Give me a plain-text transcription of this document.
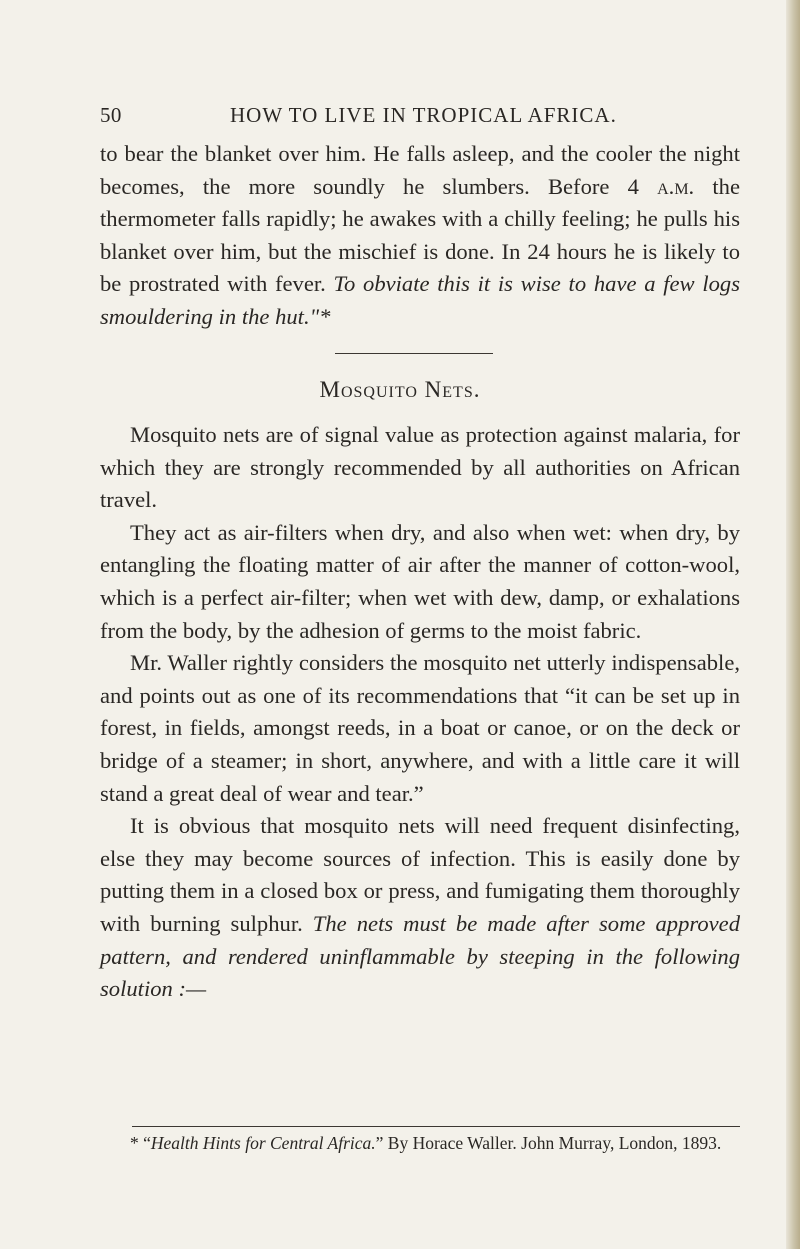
50	HOW TO LIVE IN TROPICAL AFRICA.

to bear the blanket over him. He falls asleep, and the cooler the night becomes, the more soundly he slumbers. Before 4 a.m. the thermometer falls rapidly; he awakes with a chilly feeling; he pulls his blanket over him, but the mischief is done. In 24 hours he is likely to be prostrated with fever. To obviate this it is wise to have a few logs smouldering in the hut."*

Mosquito Nets.

Mosquito nets are of signal value as protection against malaria, for which they are strongly recommended by all authorities on African travel.

They act as air-filters when dry, and also when wet: when dry, by entangling the floating matter of air after the manner of cotton-wool, which is a perfect air-filter; when wet with dew, damp, or exhalations from the body, by the adhesion of germs to the moist fabric.

Mr. Waller rightly considers the mosquito net utterly indispensable, and points out as one of its recommendations that “it can be set up in forest, in fields, amongst reeds, in a boat or canoe, or on the deck or bridge of a steamer; in short, anywhere, and with a little care it will stand a great deal of wear and tear.”

It is obvious that mosquito nets will need frequent disinfecting, else they may become sources of infection. This is easily done by putting them in a closed box or press, and fumigating them thoroughly with burning sulphur. The nets must be made after some approved pattern, and rendered uninflammable by steeping in the following solution :—

* “Health Hints for Central Africa.” By Horace Waller. John Murray, London, 1893.
